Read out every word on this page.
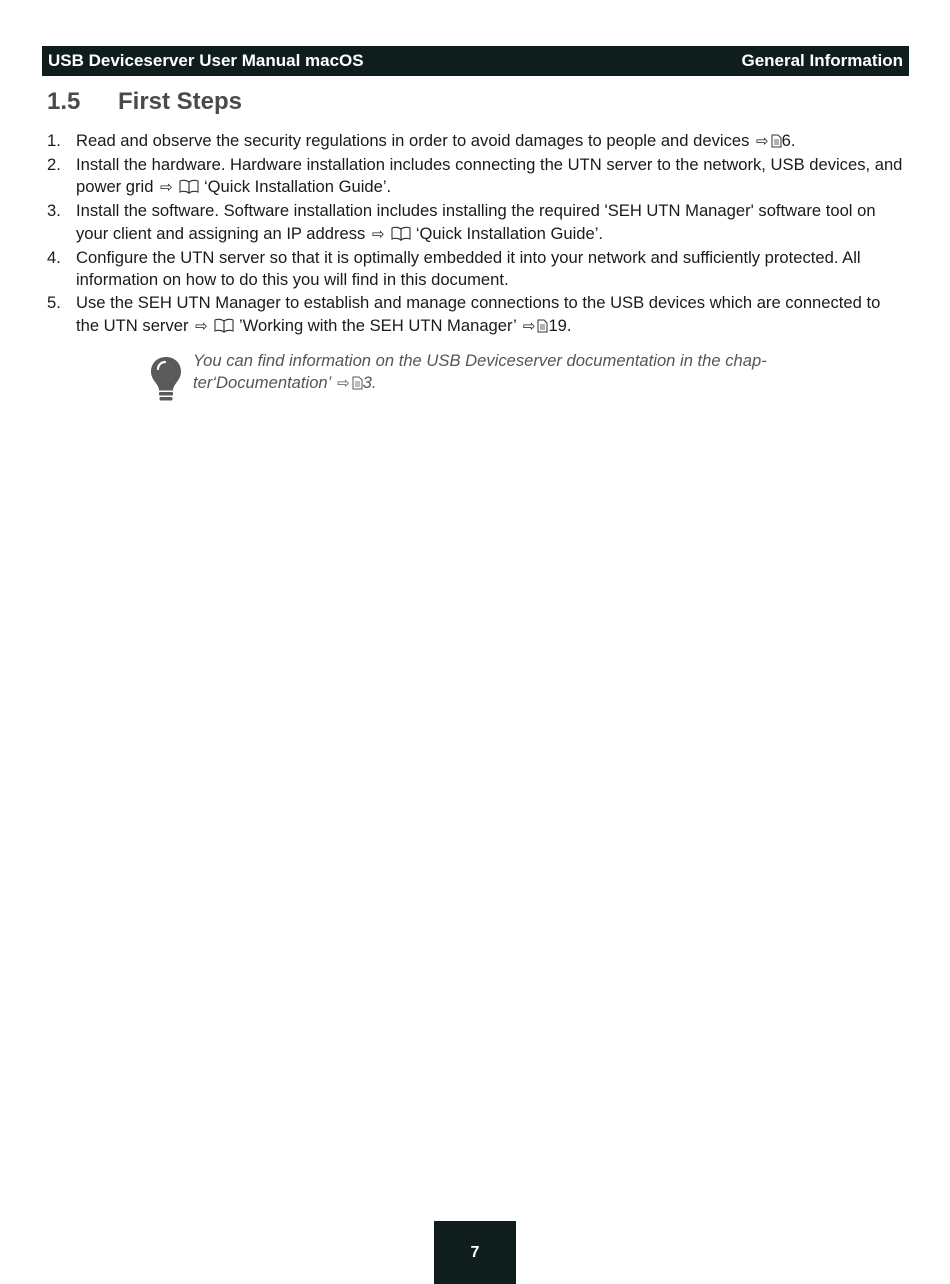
USB Deviceserver User Manual macOS	General Information
1.5	First Steps
1. Read and observe the security regulations in order to avoid damages to people and devices ⇨ 6.
2. Install the hardware. Hardware installation includes connecting the UTN server to the network, USB devices, and power grid ⇨ ‘Quick Installation Guide’.
3. Install the software. Software installation includes installing the required 'SEH UTN Manager' software tool on your client and assigning an IP address ⇨ ‘Quick Installation Guide’.
4. Configure the UTN server so that it is optimally embedded it into your network and sufficiently protected. All information on how to do this you will find in this document.
5. Use the SEH UTN Manager to establish and manage connections to the USB devices which are connected to the UTN server ⇨ ’Working with the SEH UTN Manager’ ⇨ 19.
You can find information on the USB Deviceserver documentation in the chap-ter‘Documentation’ ⇨ 3.
7
